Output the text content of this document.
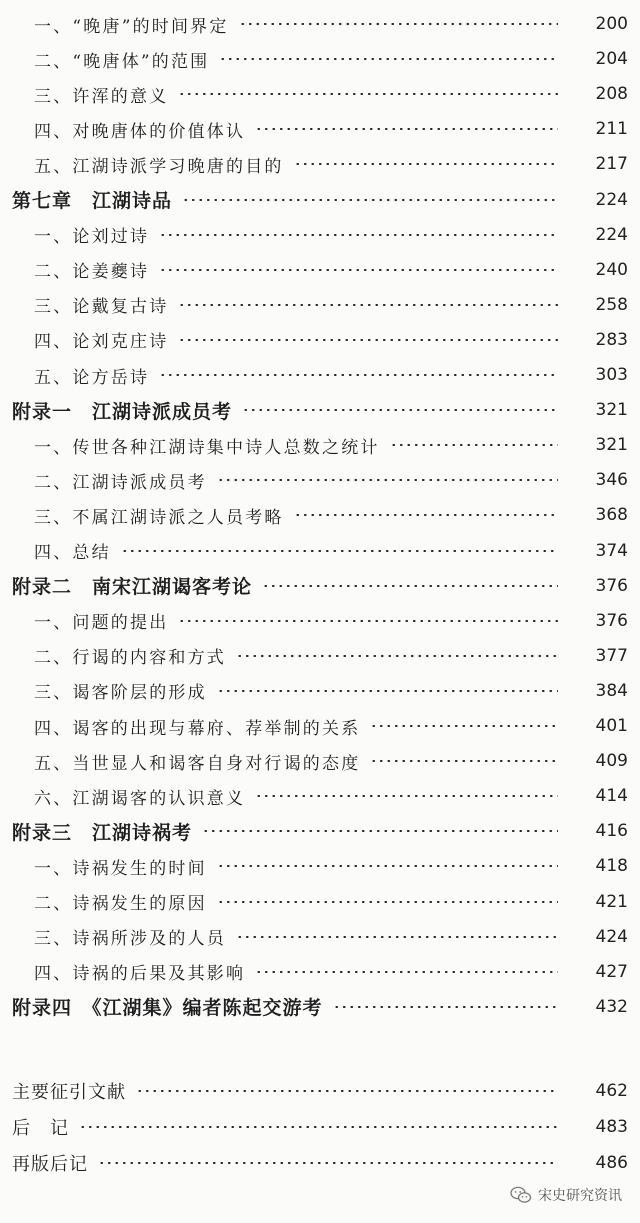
一、“晚唐”的时间界定	200
二、“晚唐体”的范围	204
三、许浑的意义	208
四、对晚唐体的价值体认	211
五、江湖诗派学习晚唐的目的	217
第七章　江湖诗品	224
一、论刘过诗	224
二、论姜夔诗	240
三、论戴复古诗	258
四、论刘克庄诗	283
五、论方岳诗	303
附录一　江湖诗派成员考	321
一、传世各种江湖诗集中诗人总数之统计	321
二、江湖诗派成员考	346
三、不属江湖诗派之人员考略	368
四、总结	374
附录二　南宋江湖谒客考论	376
一、问题的提出	376
二、行谒的内容和方式	377
三、谒客阶层的形成	384
四、谒客的出现与幕府、荐举制的关系	401
五、当世显人和谒客自身对行谒的态度	409
六、江湖谒客的认识意义	414
附录三　江湖诗祸考	416
一、诗祸发生的时间	418
二、诗祸发生的原因	421
三、诗祸所涉及的人员	424
四、诗祸的后果及其影响	427
附录四　《江湖集》编者陈起交游考	432
主要征引文献	462
后　记	483
再版后记	486
宋史研究资讯
